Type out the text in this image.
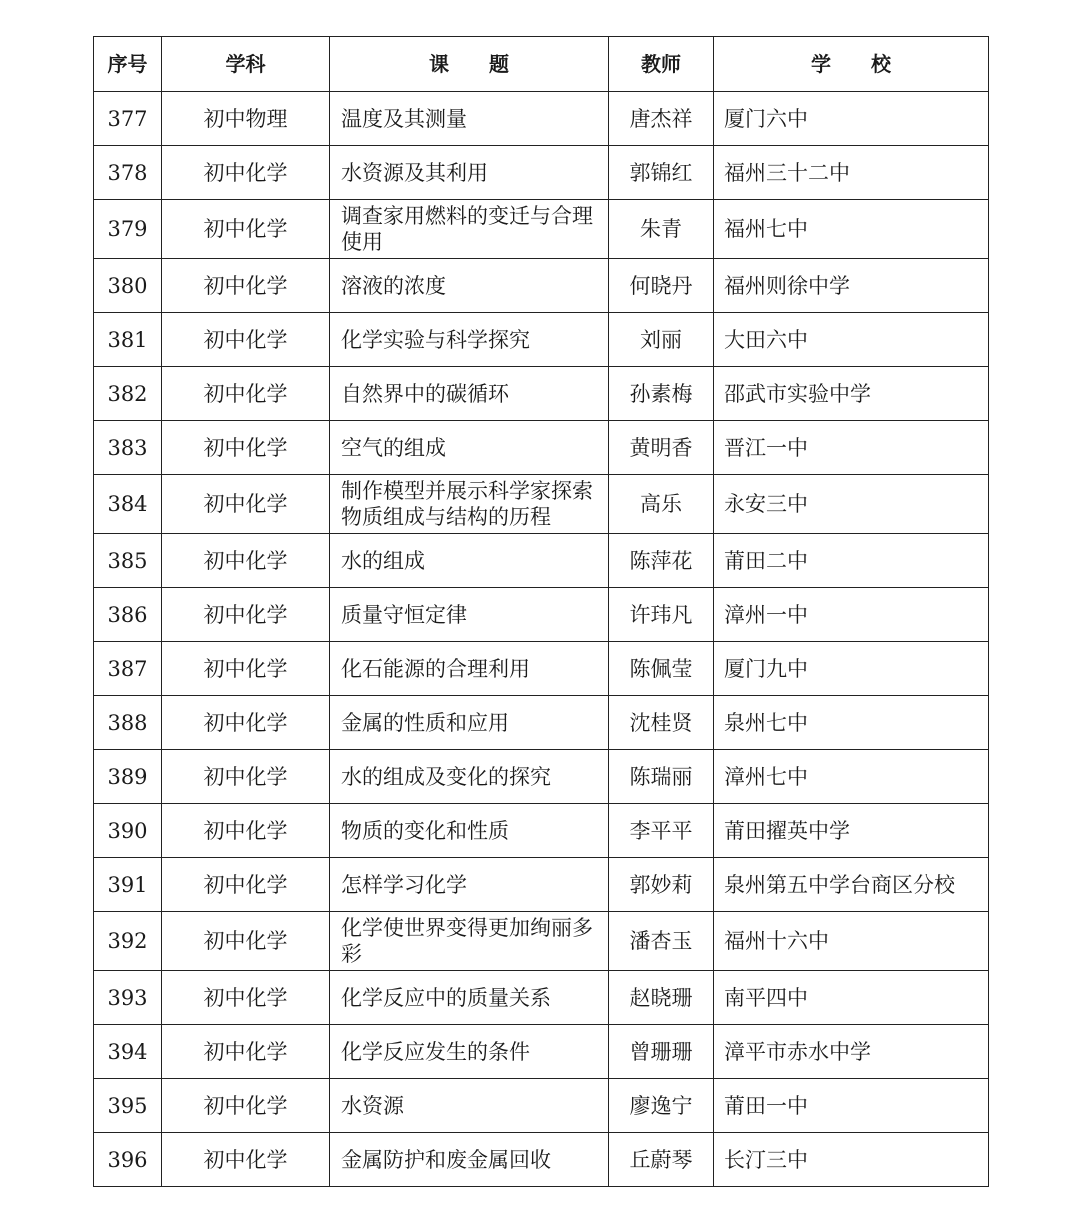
序号	学科	课　　题	教师	学　　校
377	初中物理	温度及其测量	唐杰祥	厦门六中
378	初中化学	水资源及其利用	郭锦红	福州三十二中
379	初中化学	调查家用燃料的变迁与合理使用	朱青	福州七中
380	初中化学	溶液的浓度	何晓丹	福州则徐中学
381	初中化学	化学实验与科学探究	刘丽	大田六中
382	初中化学	自然界中的碳循环	孙素梅	邵武市实验中学
383	初中化学	空气的组成	黄明香	晋江一中
384	初中化学	制作模型并展示科学家探索物质组成与结构的历程	高乐	永安三中
385	初中化学	水的组成	陈萍花	莆田二中
386	初中化学	质量守恒定律	许玮凡	漳州一中
387	初中化学	化石能源的合理利用	陈佩莹	厦门九中
388	初中化学	金属的性质和应用	沈桂贤	泉州七中
389	初中化学	水的组成及变化的探究	陈瑞丽	漳州七中
390	初中化学	物质的变化和性质	李平平	莆田擢英中学
391	初中化学	怎样学习化学	郭妙莉	泉州第五中学台商区分校
392	初中化学	化学使世界变得更加绚丽多彩	潘杏玉	福州十六中
393	初中化学	化学反应中的质量关系	赵晓珊	南平四中
394	初中化学	化学反应发生的条件	曾珊珊	漳平市赤水中学
395	初中化学	水资源	廖逸宁	莆田一中
396	初中化学	金属防护和废金属回收	丘蔚琴	长汀三中
